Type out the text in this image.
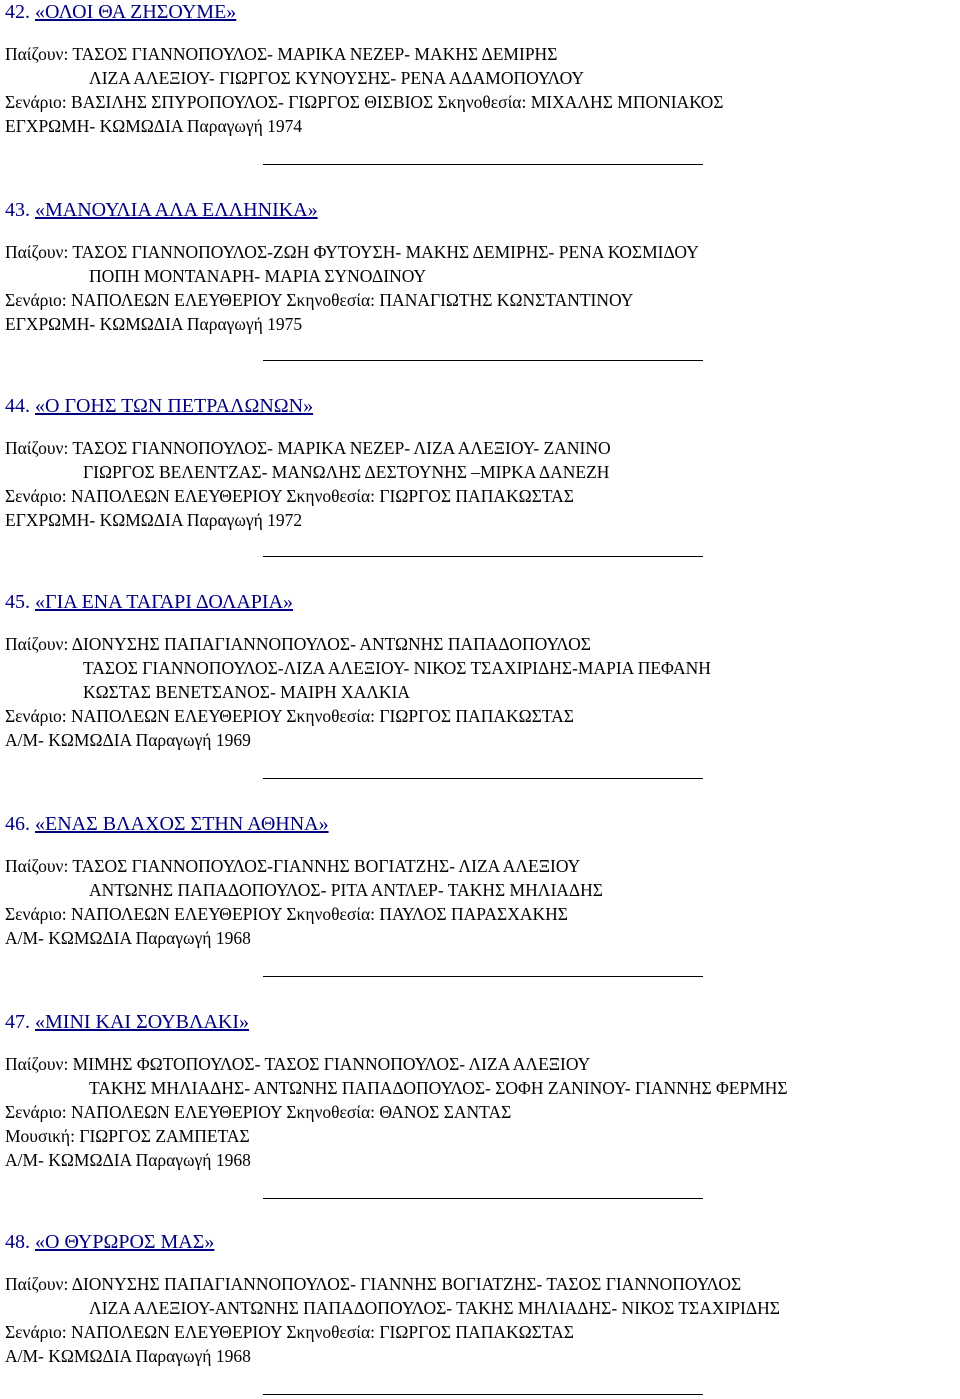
42. «ΟΛΟΙ ΘΑ ΖΗΣΟΥΜΕ»
Παίζουν: ΤΑΣΟΣ ΓΙΑΝΝΟΠΟΥΛΟΣ- ΜΑΡΙΚΑ ΝΕΖΕΡ- ΜΑΚΗΣ ΔΕΜΙΡΗΣ
ΛΙΖΑ ΑΛΕΞΙΟΥ- ΓΙΩΡΓΟΣ ΚΥΝΟΥΣΗΣ- ΡΕΝΑ ΑΔΑΜΟΠΟΥΛΟΥ
Σενάριο: ΒΑΣΙΛΗΣ ΣΠΥΡΟΠΟΥΛΟΣ- ΓΙΩΡΓΟΣ ΘΙΣΒΙΟΣ Σκηνοθεσία: ΜΙΧΑΛΗΣ ΜΠΟΝΙΑΚΟΣ
ΕΓΧΡΩΜΗ- ΚΩΜΩΔΙΑ Παραγωγή 1974
43. «ΜΑΝΟΥΛΙΑ ΑΛΑ ΕΛΛΗΝΙΚΑ»
Παίζουν: ΤΑΣΟΣ ΓΙΑΝΝΟΠΟΥΛΟΣ-ΖΩΗ ΦΥΤΟΥΣΗ- ΜΑΚΗΣ ΔΕΜΙΡΗΣ- ΡΕΝΑ ΚΟΣΜΙΔΟΥ
ΠΟΠΗ ΜΟΝΤΑΝΑΡΗ- ΜΑΡΙΑ ΣΥΝΟΔΙΝΟΥ
Σενάριο: ΝΑΠΟΛΕΩΝ ΕΛΕΥΘΕΡΙΟΥ Σκηνοθεσία: ΠΑΝΑΓΙΩΤΗΣ ΚΩΝΣΤΑΝΤΙΝΟΥ
ΕΓΧΡΩΜΗ- ΚΩΜΩΔΙΑ Παραγωγή 1975
44. «Ο ΓΟΗΣ ΤΩΝ ΠΕΤΡΑΛΩΝΩΝ»
Παίζουν: ΤΑΣΟΣ ΓΙΑΝΝΟΠΟΥΛΟΣ- ΜΑΡΙΚΑ ΝΕΖΕΡ- ΛΙΖΑ ΑΛΕΞΙΟΥ- ΖΑΝΙΝΟ
ΓΙΩΡΓΟΣ ΒΕΛΕΝΤΖΑΣ- ΜΑΝΩΛΗΣ ΔΕΣΤΟΥΝΗΣ –ΜΙΡΚΑ ΔΑΝΕΖΗ
Σενάριο: ΝΑΠΟΛΕΩΝ ΕΛΕΥΘΕΡΙΟΥ Σκηνοθεσία: ΓΙΩΡΓΟΣ ΠΑΠΑΚΩΣΤΑΣ
ΕΓΧΡΩΜΗ- ΚΩΜΩΔΙΑ Παραγωγή 1972
45. «ΓΙΑ ΕΝΑ ΤΑΓΑΡΙ ΔΟΛΑΡΙΑ»
Παίζουν: ΔΙΟΝΥΣΗΣ ΠΑΠΑΓΙΑΝΝΟΠΟΥΛΟΣ- ΑΝΤΩΝΗΣ ΠΑΠΑΔΟΠΟΥΛΟΣ
ΤΑΣΟΣ ΓΙΑΝΝΟΠΟΥΛΟΣ-ΛΙΖΑ ΑΛΕΞΙΟΥ- ΝΙΚΟΣ ΤΣΑΧΙΡΙΔΗΣ-ΜΑΡΙΑ ΠΕΦΑΝΗ
ΚΩΣΤΑΣ ΒΕΝΕΤΣΑΝΟΣ- ΜΑΙΡΗ ΧΑΛΚΙΑ
Σενάριο: ΝΑΠΟΛΕΩΝ ΕΛΕΥΘΕΡΙΟΥ Σκηνοθεσία: ΓΙΩΡΓΟΣ ΠΑΠΑΚΩΣΤΑΣ
Α/Μ- ΚΩΜΩΔΙΑ Παραγωγή 1969
46. «ΕΝΑΣ ΒΛΑΧΟΣ ΣΤΗΝ ΑΘΗΝΑ»
Παίζουν: ΤΑΣΟΣ ΓΙΑΝΝΟΠΟΥΛΟΣ-ΓΙΑΝΝΗΣ ΒΟΓΙΑΤΖΗΣ- ΛΙΖΑ ΑΛΕΞΙΟΥ
ΑΝΤΩΝΗΣ ΠΑΠΑΔΟΠΟΥΛΟΣ- ΡΙΤΑ ΑΝΤΛΕΡ- ΤΑΚΗΣ ΜΗΛΙΑΔΗΣ
Σενάριο: ΝΑΠΟΛΕΩΝ ΕΛΕΥΘΕΡΙΟΥ Σκηνοθεσία: ΠΑΥΛΟΣ ΠΑΡΑΣΧΑΚΗΣ
Α/Μ- ΚΩΜΩΔΙΑ Παραγωγή 1968
47. «ΜΙΝΙ ΚΑΙ ΣΟΥΒΛΑΚΙ»
Παίζουν: ΜΙΜΗΣ ΦΩΤΟΠΟΥΛΟΣ- ΤΑΣΟΣ ΓΙΑΝΝΟΠΟΥΛΟΣ- ΛΙΖΑ ΑΛΕΞΙΟΥ
ΤΑΚΗΣ ΜΗΛΙΑΔΗΣ- ΑΝΤΩΝΗΣ ΠΑΠΑΔΟΠΟΥΛΟΣ- ΣΟΦΗ ΖΑΝΙΝΟΥ- ΓΙΑΝΝΗΣ ΦΕΡΜΗΣ
Σενάριο: ΝΑΠΟΛΕΩΝ ΕΛΕΥΘΕΡΙΟΥ Σκηνοθεσία: ΘΑΝΟΣ ΣΑΝΤΑΣ
Μουσική: ΓΙΩΡΓΟΣ ΖΑΜΠΕΤΑΣ
Α/Μ- ΚΩΜΩΔΙΑ Παραγωγή 1968
48. «Ο ΘΥΡΩΡΟΣ ΜΑΣ»
Παίζουν: ΔΙΟΝΥΣΗΣ ΠΑΠΑΓΙΑΝΝΟΠΟΥΛΟΣ- ΓΙΑΝΝΗΣ ΒΟΓΙΑΤΖΗΣ- ΤΑΣΟΣ ΓΙΑΝΝΟΠΟΥΛΟΣ
ΛΙΖΑ ΑΛΕΞΙΟΥ-ΑΝΤΩΝΗΣ ΠΑΠΑΔΟΠΟΥΛΟΣ- ΤΑΚΗΣ ΜΗΛΙΑΔΗΣ- ΝΙΚΟΣ ΤΣΑΧΙΡΙΔΗΣ
Σενάριο: ΝΑΠΟΛΕΩΝ ΕΛΕΥΘΕΡΙΟΥ Σκηνοθεσία: ΓΙΩΡΓΟΣ ΠΑΠΑΚΩΣΤΑΣ
Α/Μ- ΚΩΜΩΔΙΑ Παραγωγή 1968
